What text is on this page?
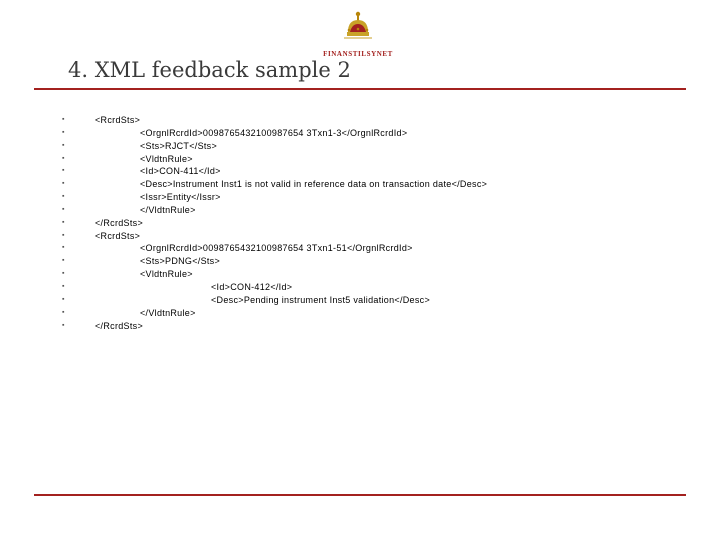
FINANSTILSYNET
4. XML feedback sample 2
▪	<RcrdSts>
▪	<OrgnlRcrdId>0098765432100987654 3Txn1-3</OrgnlRcrdId>
▪	<Sts>RJCT</Sts>
▪	<VldtnRule>
▪	<Id>CON-411</Id>
▪	<Desc>Instrument Inst1 is not valid in reference data on transaction date</Desc>
▪	<Issr>Entity</Issr>
▪	</VldtnRule>
▪	</RcrdSts>
▪	<RcrdSts>
▪	<OrgnlRcrdId>0098765432100987654 3Txn1-51</OrgnlRcrdId>
▪	<Sts>PDNG</Sts>
▪	<VldtnRule>
▪	<Id>CON-412</Id>
▪	<Desc>Pending instrument Inst5 validation</Desc>
▪	</VldtnRule>
▪	</RcrdSts>
